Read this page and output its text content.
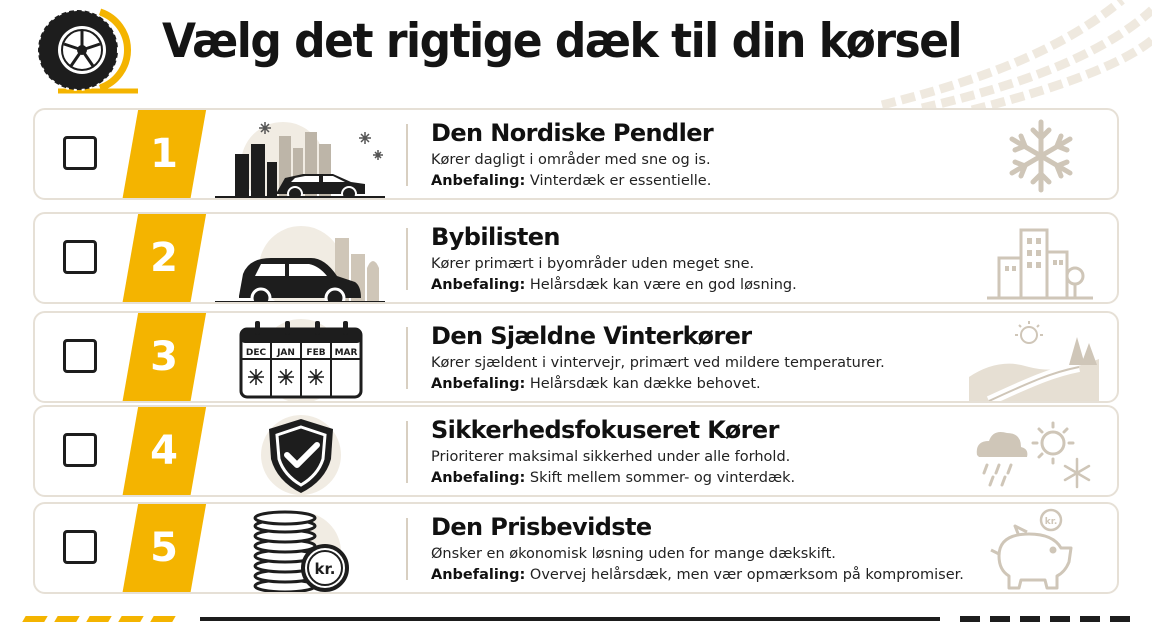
Vælg det rigtige dæk til din kørsel
1	Den Nordiske Pendler
Kører dagligt i områder med sne og is.
Anbefaling: Vinterdæk er essentielle.
2	Bybilisten
Kører primært i byområder uden meget sne.
Anbefaling: Helårsdæk kan være en god løsning.
3	DEC JAN FEB MAR
Den Sjældne Vinterkører
Kører sjældent i vintervejr, primært ved mildere temperaturer.
Anbefaling: Helårsdæk kan dække behovet.
4	Sikkerhedsfokuseret Kører
Prioriterer maksimal sikkerhed under alle forhold.
Anbefaling: Skift mellem sommer- og vinterdæk.
5	kr.
Den Prisbevidste
Ønsker en økonomisk løsning uden for mange dækskift.
Anbefaling: Overvej helårsdæk, men vær opmærksom på kompromiser.
kr.
